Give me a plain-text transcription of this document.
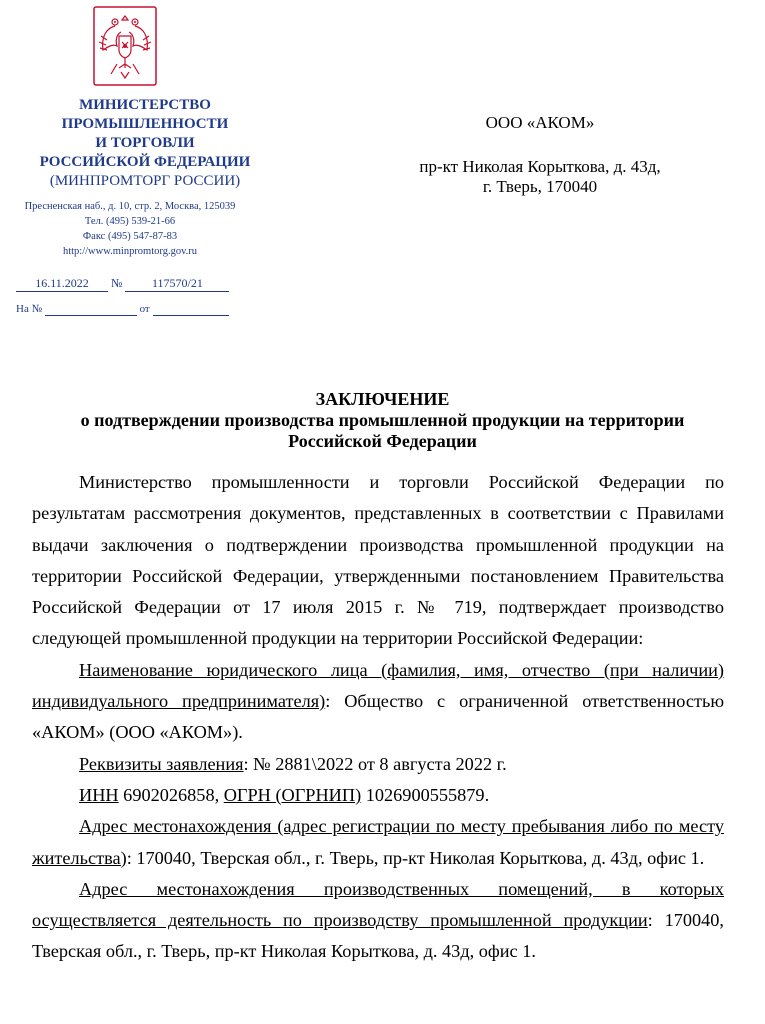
МИНИСТЕРСТВО
ПРОМЫШЛЕННОСТИ
И ТОРГОВЛИ
РОССИЙСКОЙ ФЕДЕРАЦИИ
(МИНПРОМТОРГ РОССИИ)
Пресненская наб., д. 10, стр. 2, Москва, 125039
Тел. (495) 539-21-66
Факс (495) 547-87-83
http://www.minpromtorg.gov.ru
16.11.2022 № 117570/21
На №	от
ООО «АКОМ»
пр-кт Николая Корыткова, д. 43д,
г. Тверь, 170040
ЗАКЛЮЧЕНИЕ
о подтверждении производства промышленной продукции на территории
Российской Федерации

Министерство промышленности и торговли Российской Федерации по результатам рассмотрения документов, представленных в соответствии с Правилами выдачи заключения о подтверждении производства промышленной продукции на территории Российской Федерации, утвержденными постановлением Правительства Российской Федерации от 17 июля 2015 г. № 719, подтверждает производство следующей промышленной продукции на территории Российской Федерации:

Наименование юридического лица (фамилия, имя, отчество (при наличии) индивидуального предпринимателя): Общество с ограниченной ответственностью «АКОМ» (ООО «АКОМ»).

Реквизиты заявления: № 2881\2022 от 8 августа 2022 г.

ИНН 6902026858, ОГРН (ОГРНИП) 1026900555879.

Адрес местонахождения (адрес регистрации по месту пребывания либо по месту жительства): 170040, Тверская обл., г. Тверь, пр-кт Николая Корыткова, д. 43д, офис 1.

Адрес местонахождения производственных помещений, в которых осуществляется деятельность по производству промышленной продукции: 170040, Тверская обл., г. Тверь, пр-кт Николая Корыткова, д. 43д, офис 1.
